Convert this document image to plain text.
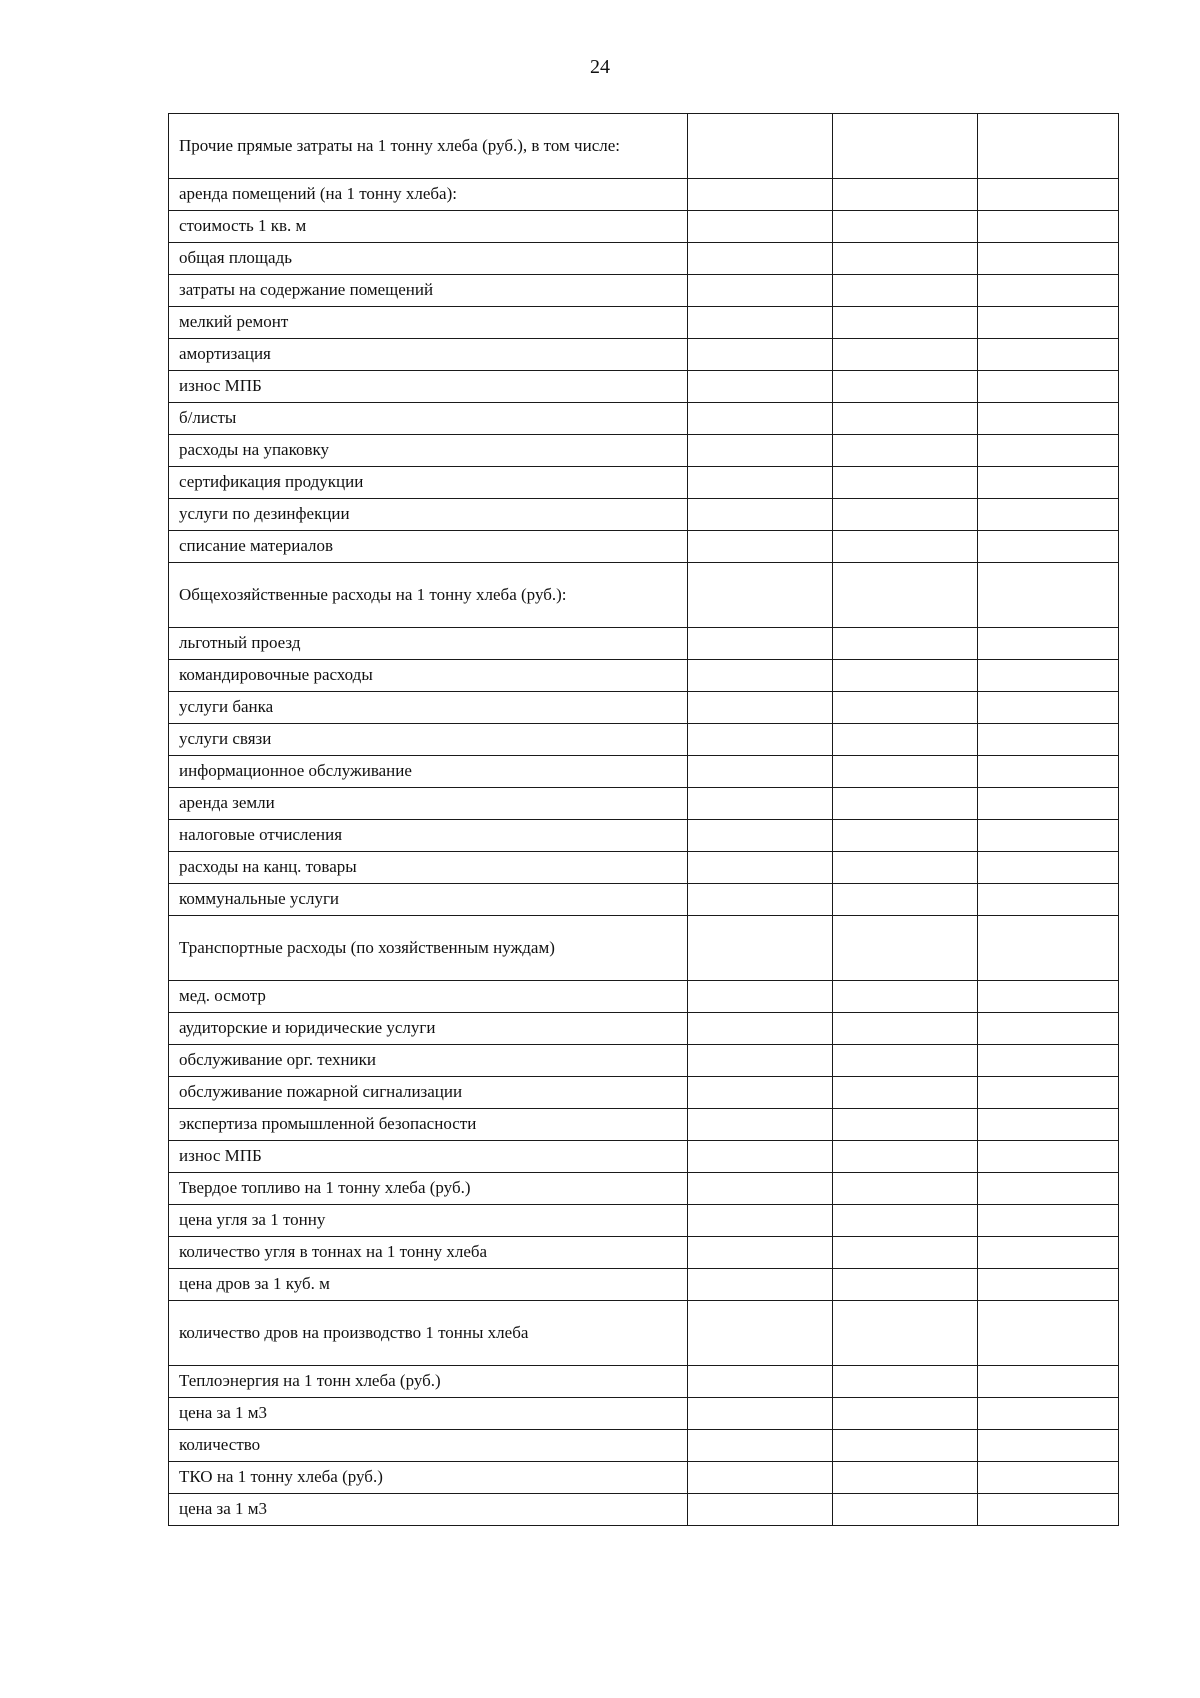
24
Прочие прямые затраты на 1 тонну хлеба (руб.), в том числе:			
аренда помещений (на 1 тонну хлеба):			
стоимость 1 кв. м			
общая площадь			
затраты на содержание помещений			
мелкий ремонт			
амортизация			
износ МПБ			
б/листы			
расходы на упаковку			
сертификация продукции			
услуги по дезинфекции			
списание материалов			
Общехозяйственные расходы на 1 тонну хлеба (руб.):			
льготный проезд			
командировочные расходы			
услуги банка			
услуги связи			
информационное обслуживание			
аренда земли			
налоговые отчисления			
расходы на канц. товары			
коммунальные услуги			
Транспортные расходы (по хозяйственным нуждам)			
мед. осмотр			
аудиторские и юридические услуги			
обслуживание орг. техники			
обслуживание пожарной сигнализации			
экспертиза промышленной безопасности			
износ МПБ			
Твердое топливо на 1 тонну хлеба (руб.)			
цена угля за 1 тонну			
количество угля в тоннах на 1 тонну хлеба			
цена дров за 1 куб. м			
количество дров на производство 1 тонны хлеба			
Теплоэнергия на 1 тонн хлеба (руб.)			
цена за 1 м3			
количество			
ТКО на 1 тонну хлеба (руб.)			
цена за 1 м3			
